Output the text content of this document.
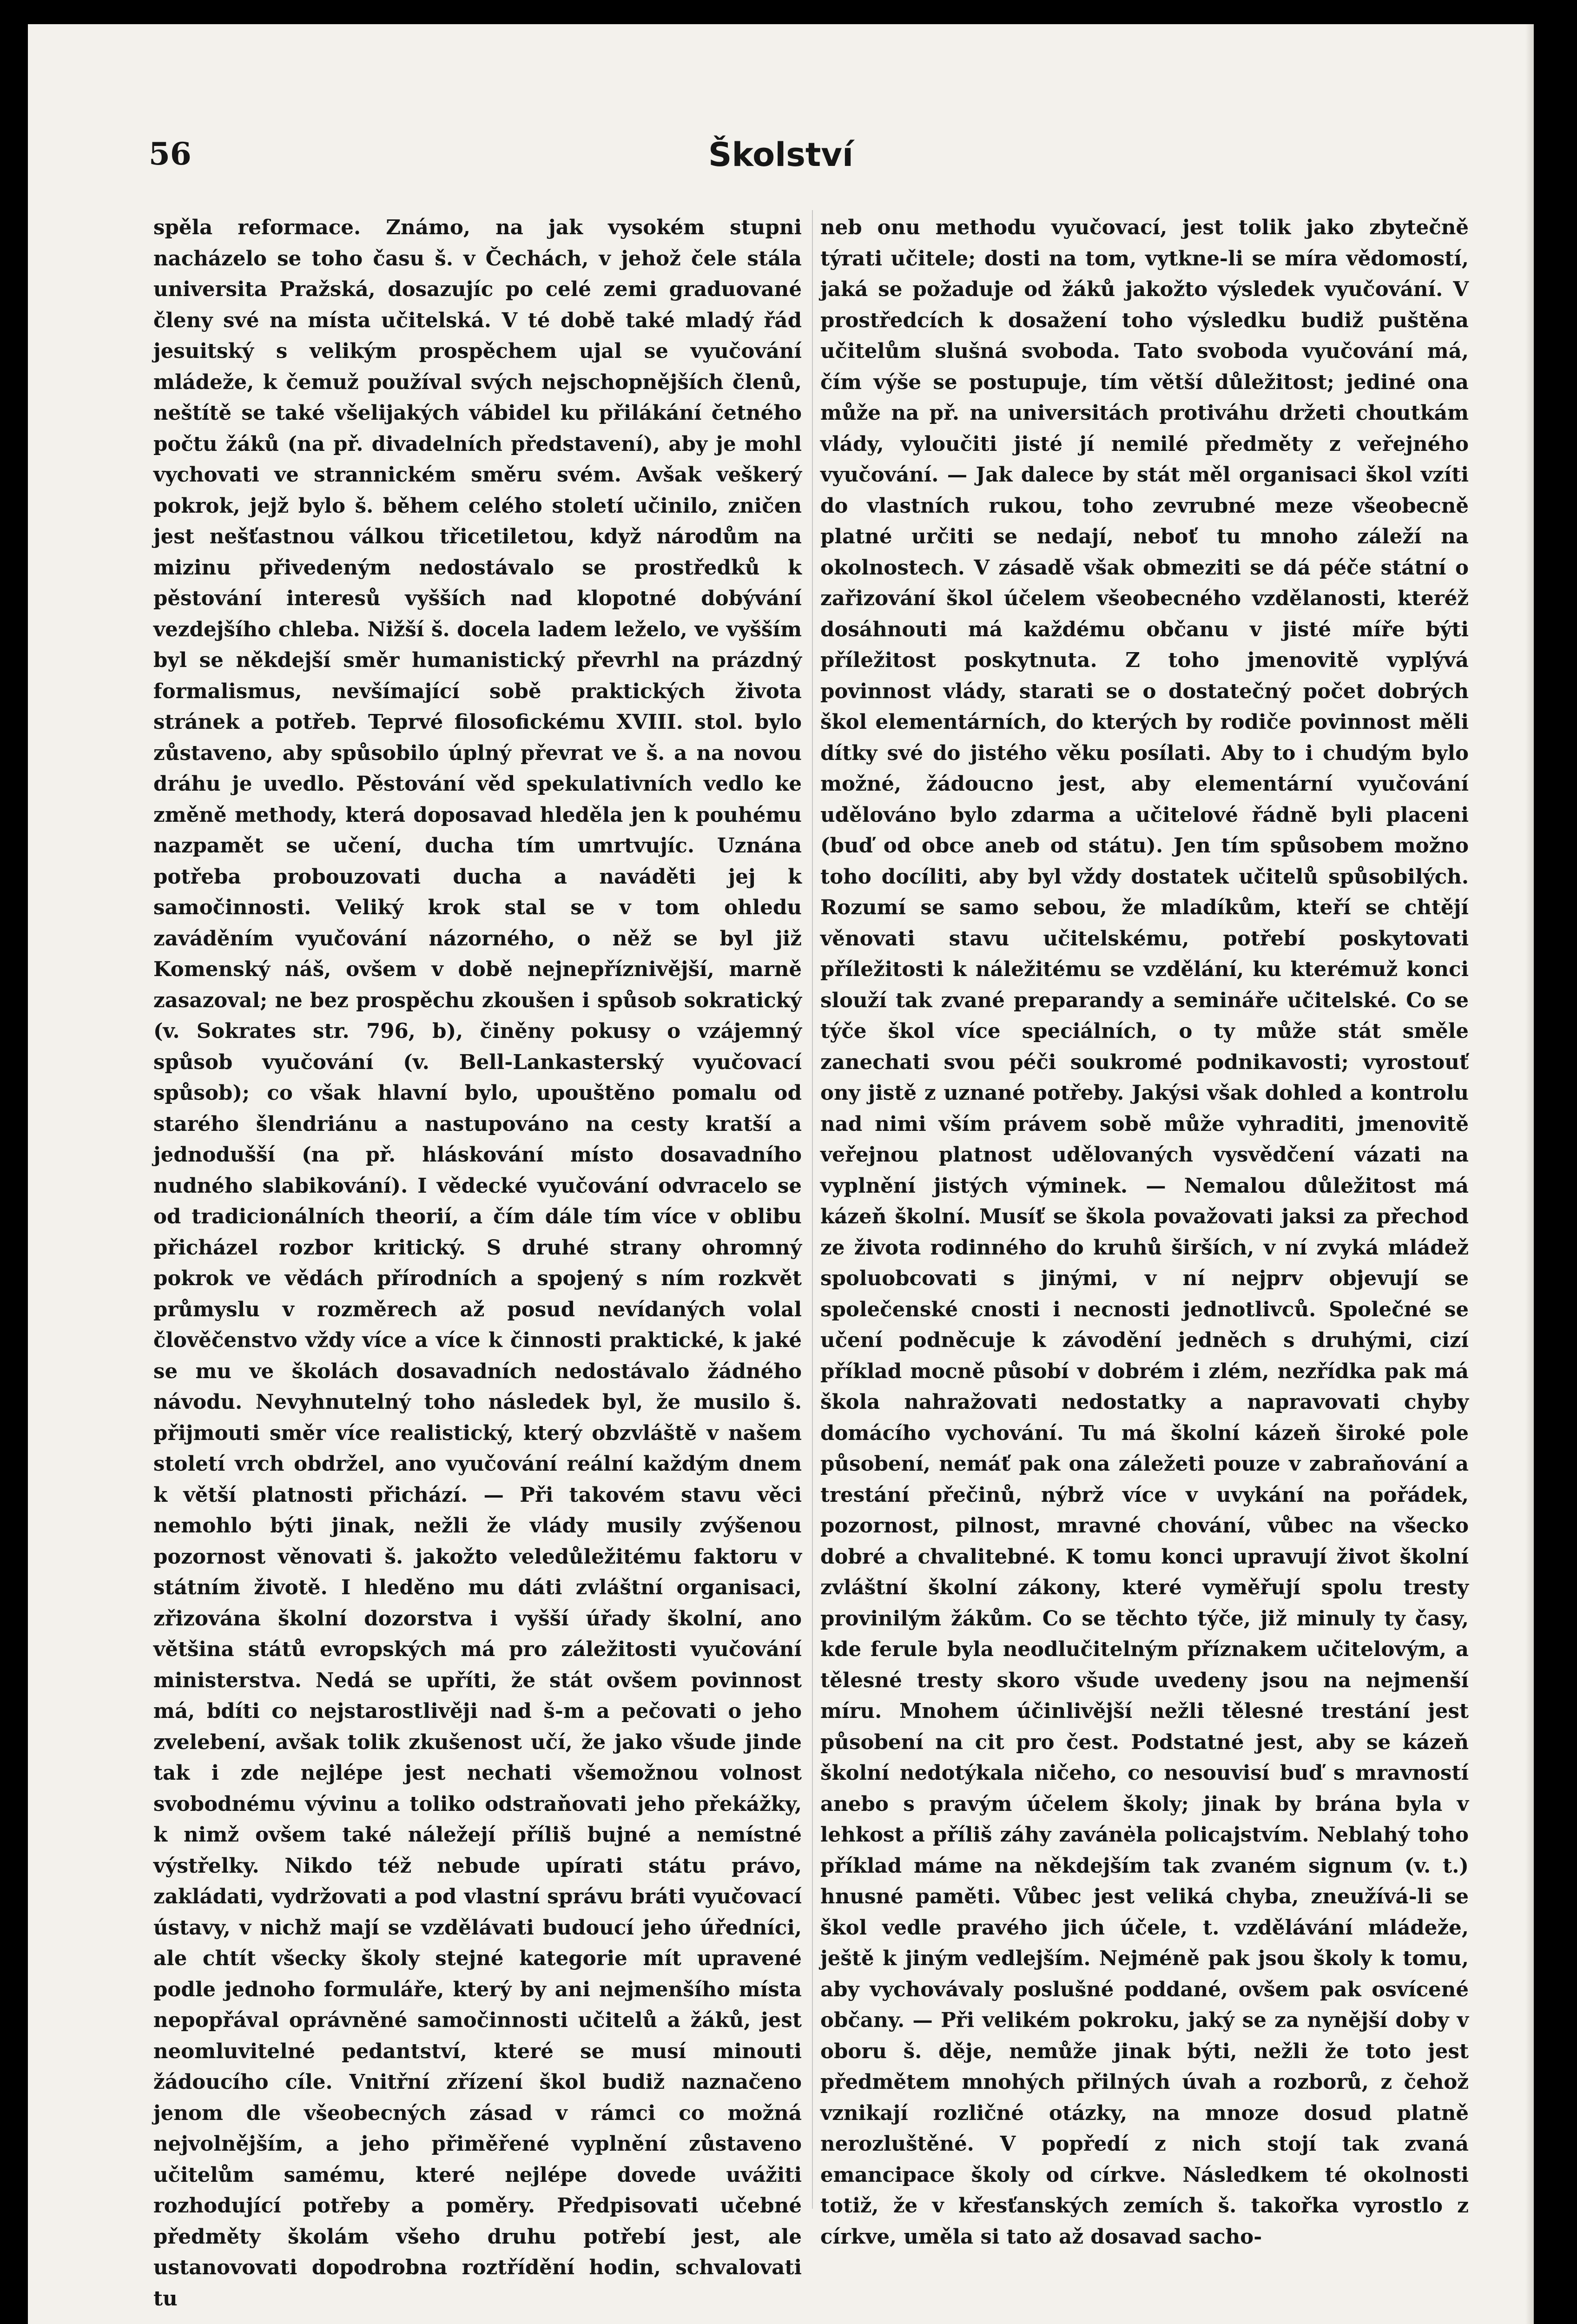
56	Školství

spěla reformace. Známo, na jak vysokém stupni nacházelo se toho času š. v Čechách, v jehož čele stála universita Pražská, dosazujíc po celé zemi graduované členy své na místa učitelská. V té době také mladý řád jesuitský s velikým prospěchem ujal se vyučování mládeže, k čemuž používal svých nejschopnějších členů, neštítě se také všelijakých vábidel ku přilákání četného počtu žáků (na př. divadelních představení), aby je mohl vychovati ve strannickém směru svém. Avšak veškerý pokrok, jejž bylo š. během celého století učinilo, zničen jest nešťastnou válkou třicetiletou, když národům na mizinu přivedeným nedostávalo se prostředků k pěstování interesů vyšších nad klopotné dobývání vezdejšího chleba. Nižší š. docela ladem leželo, ve vyšším byl se někdejší směr humanistický převrhl na prázdný formalismus, nevšímající sobě praktických života stránek a potřeb. Teprvé filosofickému XVIII. stol. bylo zůstaveno, aby spůsobilo úplný převrat ve š. a na novou dráhu je uvedlo. Pěstování věd spekulativních vedlo ke změně methody, která doposavad hleděla jen k pouhému nazpamět se učení, ducha tím umrtvujíc. Uznána potřeba probouzovati ducha a naváděti jej k samočinnosti. Veliký krok stal se v tom ohledu zaváděním vyučování názorného, o něž se byl již Komenský náš, ovšem v době nejnepříznivější, marně zasazoval; ne bez prospěchu zkoušen i spůsob sokratický (v. Sokrates str. 796, b), činěny pokusy o vzájemný spůsob vyučování (v. Bell-Lankasterský vyučovací spůsob); co však hlavní bylo, upouštěno pomalu od starého šlendriánu a nastupováno na cesty kratší a jednodušší (na př. hláskování místo dosavadního nudného slabikování). I vědecké vyučování odvracelo se od tradicionálních theorií, a čím dále tím více v oblibu přicházel rozbor kritický. S druhé strany ohromný pokrok ve vědách přírodních a spojený s ním rozkvět průmyslu v rozměrech až posud nevídaných volal člověčenstvo vždy více a více k činnosti praktické, k jaké se mu ve školách dosavadních nedostávalo žádného návodu. Nevyhnutelný toho následek byl, že musilo š. přijmouti směr více realistický, který obzvláště v našem století vrch obdržel, ano vyučování reální každým dnem k větší platnosti přichází. — Při takovém stavu věci nemohlo býti jinak, nežli že vlády musily zvýšenou pozornost věnovati š. jakožto veledůležitému faktoru v státním životě. I hleděno mu dáti zvláštní organisaci, zřizována školní dozorstva i vyšší úřady školní, ano většina států evropských má pro záležitosti vyučování ministerstva. Nedá se upříti, že stát ovšem povinnost má, bdíti co nejstarostlivěji nad š-m a pečovati o jeho zvelebení, avšak tolik zkušenost učí, že jako všude jinde tak i zde nejlépe jest nechati všemožnou volnost svobodnému vývinu a toliko odstraňovati jeho překážky, k nimž ovšem také náležejí příliš bujné a nemístné výstřelky. Nikdo též nebude upírati státu právo, zakládati, vydržovati a pod vlastní správu bráti vyučovací ústavy, v nichž mají se vzdělávati budoucí jeho úředníci, ale chtít všecky školy stejné kategorie mít upravené podle jednoho formuláře, který by ani nejmenšího místa nepopřával oprávněné samočinnosti učitelů a žáků, jest neomluvitelné pedantství, které se musí minouti žádoucího cíle. Vnitřní zřízení škol budiž naznačeno jenom dle všeobecných zásad v rámci co možná nejvolnějším, a jeho přiměřené vyplnění zůstaveno učitelům samému, které nejlépe dovede uvážiti rozhodující potřeby a poměry. Předpisovati učebné předměty školám všeho druhu potřebí jest, ale ustanovovati dopodrobna roztřídění hodin, schvalovati tu

neb onu methodu vyučovací, jest tolik jako zbytečně týrati učitele; dosti na tom, vytkne-li se míra vědomostí, jaká se požaduje od žáků jakožto výsledek vyučování. V prostředcích k dosažení toho výsledku budiž puštěna učitelům slušná svoboda. Tato svoboda vyučování má, čím výše se postupuje, tím větší důležitost; jediné ona může na př. na universitách protiváhu držeti choutkám vlády, vyloučiti jisté jí nemilé předměty z veřejného vyučování. — Jak dalece by stát měl organisaci škol vzíti do vlastních rukou, toho zevrubné meze všeobecně platné určiti se nedají, neboť tu mnoho záleží na okolnostech. V zásadě však obmeziti se dá péče státní o zařizování škol účelem všeobecného vzdělanosti, kteréž dosáhnouti má každému občanu v jisté míře býti příležitost poskytnuta. Z toho jmenovitě vyplývá povinnost vlády, starati se o dostatečný počet dobrých škol elementárních, do kterých by rodiče povinnost měli dítky své do jistého věku posílati. Aby to i chudým bylo možné, žádoucno jest, aby elementární vyučování udělováno bylo zdarma a učitelové řádně byli placeni (buď od obce aneb od státu). Jen tím spůsobem možno toho docíliti, aby byl vždy dostatek učitelů spůsobilých. Rozumí se samo sebou, že mladíkům, kteří se chtějí věnovati stavu učitelskému, potřebí poskytovati příležitosti k náležitému se vzdělání, ku kterémuž konci slouží tak zvané preparandy a semináře učitelské. Co se týče škol více speciálních, o ty může stát směle zanechati svou péči soukromé podnikavosti; vyrostouť ony jistě z uznané potřeby. Jakýsi však dohled a kontrolu nad nimi vším právem sobě může vyhraditi, jmenovitě veřejnou platnost udělovaných vysvědčení vázati na vyplnění jistých výminek. — Nemalou důležitost má kázeň školní. Musíť se škola považovati jaksi za přechod ze života rodinného do kruhů širších, v ní zvyká mládež spoluobcovati s jinými, v ní nejprv objevují se společenské cnosti i necnosti jednotlivců. Společné se učení podněcuje k závodění jedněch s druhými, cizí příklad mocně působí v dobrém i zlém, nezřídka pak má škola nahražovati nedostatky a napravovati chyby domácího vychování. Tu má školní kázeň široké pole působení, nemáť pak ona záležeti pouze v zabraňování a trestání přečinů, nýbrž více v uvykání na pořádek, pozornost, pilnost, mravné chování, vůbec na všecko dobré a chvalitebné. K tomu konci upravují život školní zvláštní školní zákony, které vyměřují spolu tresty provinilým žákům. Co se těchto týče, již minuly ty časy, kde ferule byla neodlučitelným příznakem učitelovým, a tělesné tresty skoro všude uvedeny jsou na nejmenší míru. Mnohem účinlivější nežli tělesné trestání jest působení na cit pro čest. Podstatné jest, aby se kázeň školní nedotýkala ničeho, co nesouvisí buď s mravností anebo s pravým účelem školy; jinak by brána byla v lehkost a příliš záhy zavánėla policajstvím. Neblahý toho příklad máme na někdejším tak zvaném signum (v. t.) hnusné paměti. Vůbec jest veliká chyba, zneužívá-li se škol vedle pravého jich účele, t. vzdělávání mládeže, ještě k jiným vedlejším. Nejméně pak jsou školy k tomu, aby vychovávaly poslušné poddané, ovšem pak osvícené občany. — Při velikém pokroku, jaký se za nynější doby v oboru š. děje, nemůže jinak býti, nežli že toto jest předmětem mnohých přilných úvah a rozborů, z čehož vznikají rozličné otázky, na mnoze dosud platně nerozluštěné. V popředí z nich stojí tak zvaná emancipace školy od církve. Následkem té okolnosti totiž, že v křesťanských zemích š. takořka vyrostlo z církve, uměla si tato až dosavad sacho-
